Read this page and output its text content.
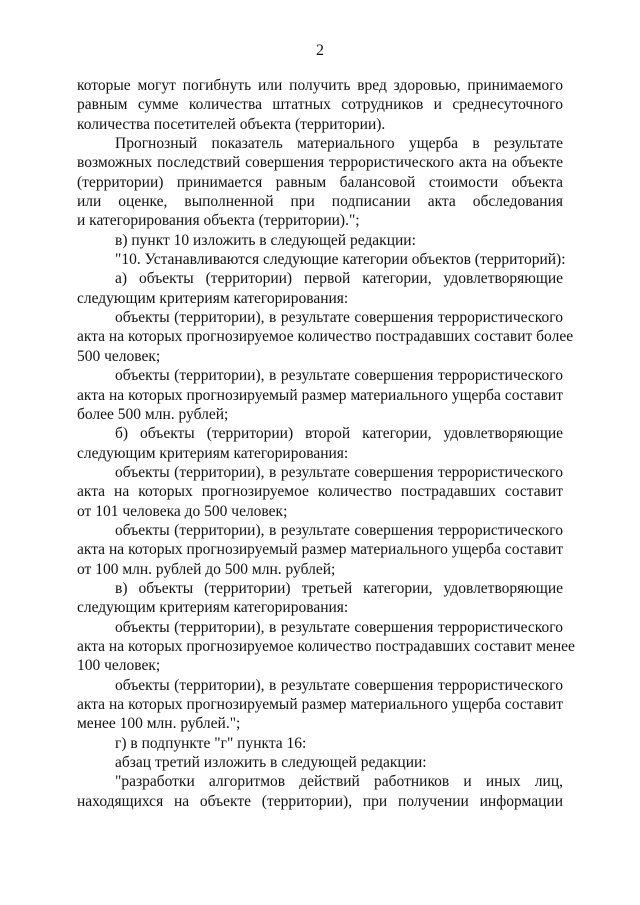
2
которые могут погибнуть или получить вред здоровью, принимаемого
равным сумме количества штатных сотрудников и среднесуточного
количества посетителей объекта (территории).
Прогнозный показатель материального ущерба в результате
возможных последствий совершения террористического акта на объекте
(территории) принимается равным балансовой стоимости объекта
или оценке, выполненной при подписании акта обследования
и категорирования объекта (территории).";
в) пункт 10 изложить в следующей редакции:
"10. Устанавливаются следующие категории объектов (территорий):
а) объекты (территории) первой категории, удовлетворяющие
следующим критериям категорирования:
объекты (территории), в результате совершения террористического
акта на которых прогнозируемое количество пострадавших составит более
500 человек;
объекты (территории), в результате совершения террористического
акта на которых прогнозируемый размер материального ущерба составит
более 500 млн. рублей;
б) объекты (территории) второй категории, удовлетворяющие
следующим критериям категорирования:
объекты (территории), в результате совершения террористического
акта на которых прогнозируемое количество пострадавших составит
от 101 человека до 500 человек;
объекты (территории), в результате совершения террористического
акта на которых прогнозируемый размер материального ущерба составит
от 100 млн. рублей до 500 млн. рублей;
в) объекты (территории) третьей категории, удовлетворяющие
следующим критериям категорирования:
объекты (территории), в результате совершения террористического
акта на которых прогнозируемое количество пострадавших составит менее
100 человек;
объекты (территории), в результате совершения террористического
акта на которых прогнозируемый размер материального ущерба составит
менее 100 млн. рублей.";
г) в подпункте "г" пункта 16:
абзац третий изложить в следующей редакции:
"разработки алгоритмов действий работников и иных лиц,
находящихся на объекте (территории), при получении информации
